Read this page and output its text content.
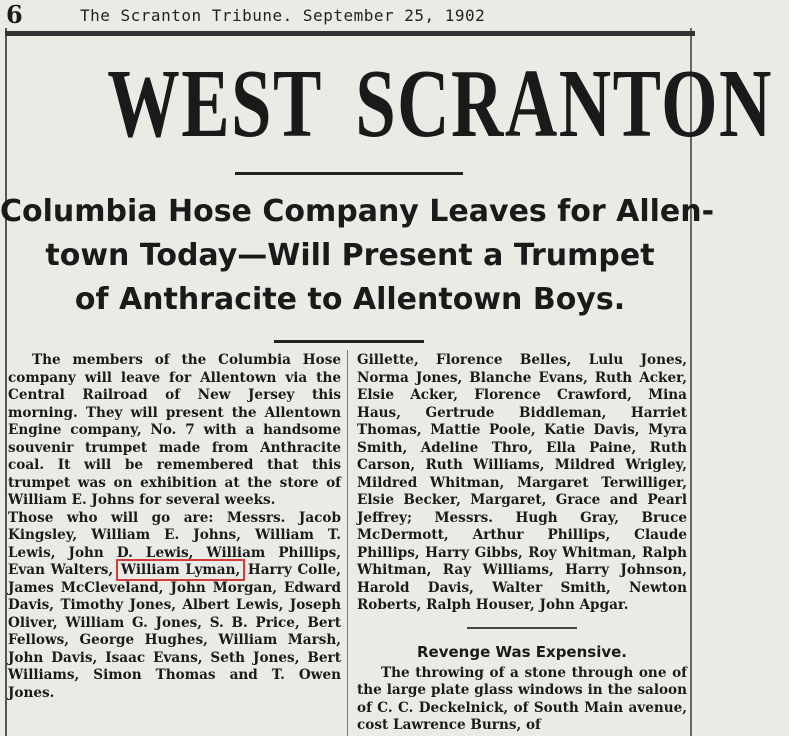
6	The Scranton Tribune. September 25, 1902
WEST SCRANTON
Columbia Hose Company Leaves for Allen-
town Today—Will Present a Trumpet
of Anthracite to Allentown Boys.

The members of the Columbia Hose company will leave for Allentown via the Central Railroad of New Jersey this morning. They will present the Allentown Engine company, No. 7 with a handsome souvenir trumpet made from Anthracite coal. It will be remembered that this trumpet was on exhibition at the store of William E. Johns for several weeks.

Those who will go are: Messrs. Jacob Kingsley, William E. Johns, William T. Lewis, John D. Lewis, William Phillips, Evan Walters, William Lyman, Harry Colle, James McCleveland, John Morgan, Edward Davis, Timothy Jones, Albert Lewis, Joseph Oliver, William G. Jones, S. B. Price, Bert Fellows, George Hughes, William Marsh, John Davis, Isaac Evans, Seth Jones, Bert Williams, Simon Thomas and T. Owen Jones.

Gillette, Florence Belles, Lulu Jones, Norma Jones, Blanche Evans, Ruth Acker, Elsie Acker, Florence Crawford, Mina Haus, Gertrude Biddleman, Harriet Thomas, Mattie Poole, Katie Davis, Myra Smith, Adeline Thro, Ella Paine, Ruth Carson, Ruth Williams, Mildred Wrigley, Mildred Whitman, Margaret Terwilliger, Elsie Becker, Margaret, Grace and Pearl Jeffrey; Messrs. Hugh Gray, Bruce McDermott, Arthur Phillips, Claude Phillips, Harry Gibbs, Roy Whitman, Ralph Whitman, Ray Williams, Harry Johnson, Harold Davis, Walter Smith, Newton Roberts, Ralph Houser, John Apgar.

Revenge Was Expensive.

The throwing of a stone through one of the large plate glass windows in the saloon of C. C. Deckelnick, of South Main avenue, cost Lawrence Burns, of
